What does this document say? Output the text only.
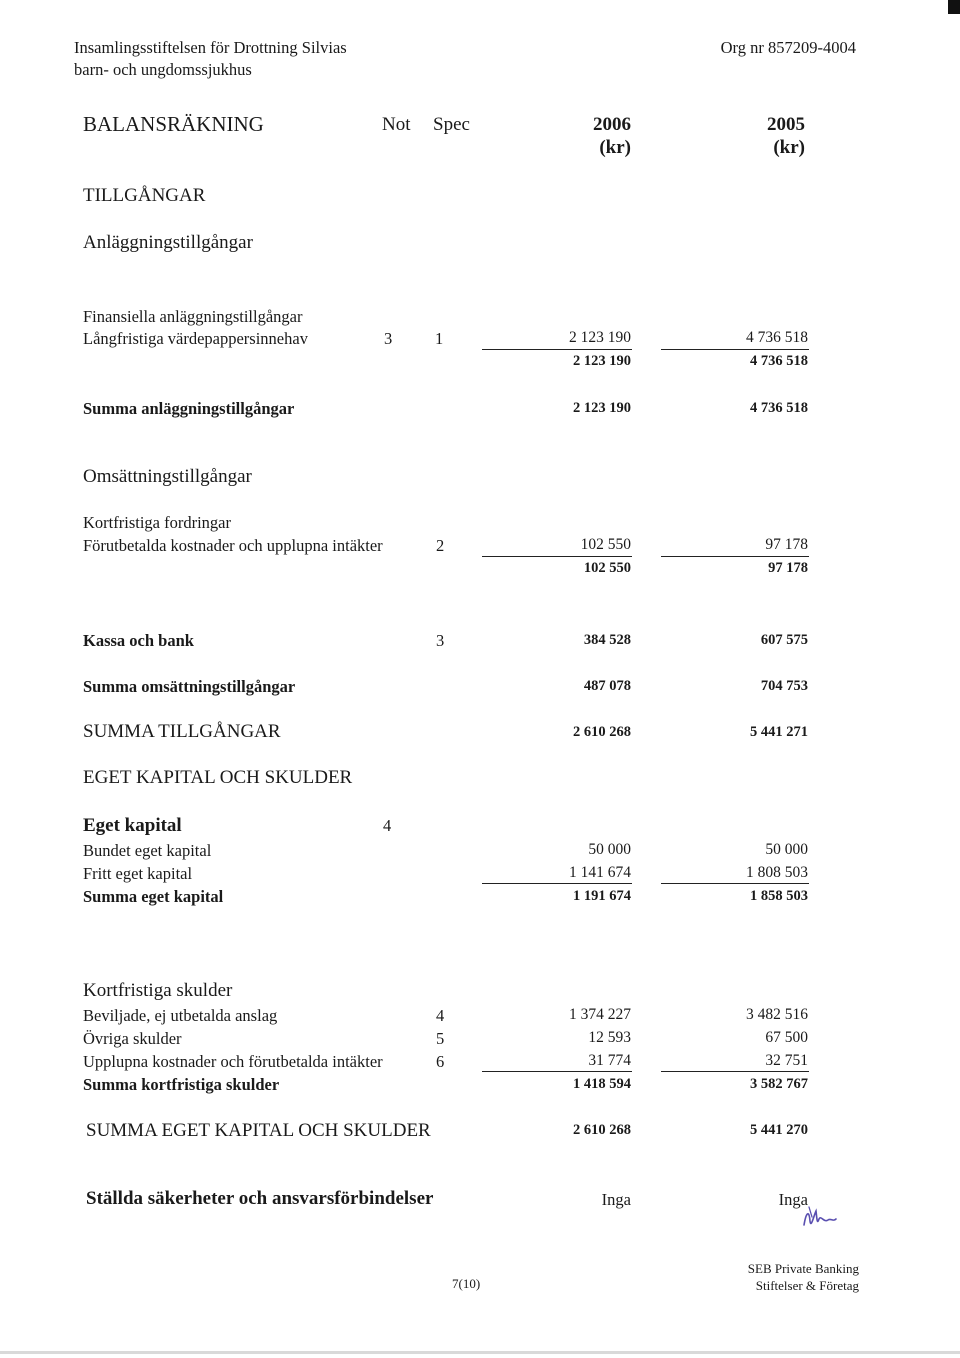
Insamlingsstiftelsen för Drottning Silvias
barn- och ungdomssjukhus
Org nr 857209-4004
BALANSRÄKNING	Not Spec	2006	2005
(kr)	(kr)
TILLGÅNGAR
Anläggningstillgångar
Finansiella anläggningstillgångar
Långfristiga värdepappersinnehav	3	1	2 123 190	4 736 518
2 123 190	4 736 518
Summa anläggningstillgångar	2 123 190	4 736 518
Omsättningstillgångar
Kortfristiga fordringar
Förutbetalda kostnader och upplupna intäkter	2	102 550	97 178
102 550	97 178
Kassa och bank	3	384 528	607 575
Summa omsättningstillgångar	487 078	704 753
SUMMA TILLGÅNGAR	2 610 268	5 441 271
EGET KAPITAL OCH SKULDER
Eget kapital	4
Bundet eget kapital	50 000	50 000
Fritt eget kapital	1 141 674	1 808 503
Summa eget kapital	1 191 674	1 858 503
Kortfristiga skulder
Beviljade, ej utbetalda anslag	4	1 374 227	3 482 516
Övriga skulder	5	12 593	67 500
Upplupna kostnader och förutbetalda intäkter	6	31 774	32 751
Summa kortfristiga skulder	1 418 594	3 582 767
SUMMA EGET KAPITAL OCH SKULDER	2 610 268	5 441 270
Ställda säkerheter och ansvarsförbindelser	Inga	Inga
7(10)
SEB Private Banking
Stiftelser & Företag
